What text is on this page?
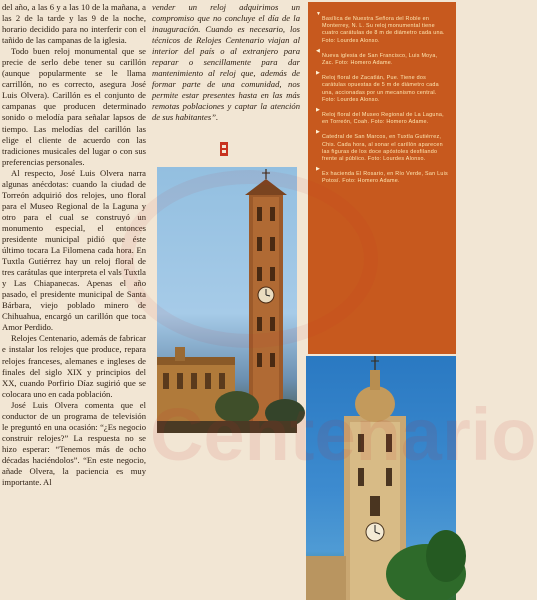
del año, a las 6 y a las 10 de la mañana, a las 2 de la tarde y las 9 de la noche, horario decidido para no interferir con el tañido de las campanas de la iglesia.

Todo buen reloj monumental que se precie de serlo debe tener su carillón (aunque popularmente se le llama carrillón, no es correcto, asegura José Luis Olvera). Carillón es el conjunto de campanas que producen determinado sonido o melodía para señalar lapsos de tiempo. Las melodías del carillón las elige el cliente de acuerdo con las tradiciones musicales del lugar o con sus preferencias personales.

Al respecto, José Luis Olvera narra algunas anécdotas: cuando la ciudad de Torreón adquirió dos relojes, uno floral para el Museo Regional de la Laguna y otro para el cual se construyó un monumento especial, el entonces presidente municipal pidió que éste último tocara La Filomena cada hora. En Tuxtla Gutiérrez hay un reloj floral de tres carátulas que interpreta el vals Tuxtla y Las Chiapanecas. Apenas el año pasado, el presidente municipal de Santa Bárbara, viejo poblado minero de Chihuahua, encargó un carillón que toca Amor Perdido.

Relojes Centenario, además de fabricar e instalar los relojes que produce, repara relojes franceses, alemanes e ingleses de finales del siglo XIX y principios del XX, cuando Porfirio Díaz sugirió que se colocara uno en cada población.

José Luis Olvera comenta que el conductor de un programa de televisión le preguntó en una ocasión: “¿Es negocio construir relojes?” La respuesta no se hizo esperar: “Tenemos más de ocho décadas haciéndolos”. “En este negocio, añade Olvera, la paciencia es muy importante. Al

vender un reloj adquirimos un compromiso que no concluye el día de la inauguración. Cuando es necesario, los técnicos de Relojes Centenario viajan al interior del país o al extranjero para reparar o sencillamente para dar mantenimiento al reloj que, además de formar parte de una comunidad, nos permite estar presentes hasta en las más remotas poblaciones y captar la atención de sus habitantes”.

▼
Basílica de Nuestra Señora del Roble en Monterrey, N. L. Su reloj monumental tiene cuatro carátulas de 8 m de diámetro cada una. Foto: Lourdes Alonso.
◀
Nueva iglesia de San Francisco, Luis Moya, Zac. Foto: Homero Adame.
▶
Reloj floral de Zacatlán, Pue. Tiene dos carátulas opuestas de 5 m de diámetro cada una, accionadas por un mecanismo central. Foto: Lourdes Alonso.
▶
Reloj floral del Museo Regional de La Laguna, en Torreón, Coah. Foto: Homero Adame.
▶
Catedral de San Marcos, en Tuxtla Gutiérrez, Chis. Cada hora, al sonar el carillón aparecen las figuras de los doce apóstoles desfilando frente al público. Foto: Lourdes Alonso.
▶
Ex hacienda El Rosario, en Río Verde, San Luis Potosí. Foto: Homero Adame.
